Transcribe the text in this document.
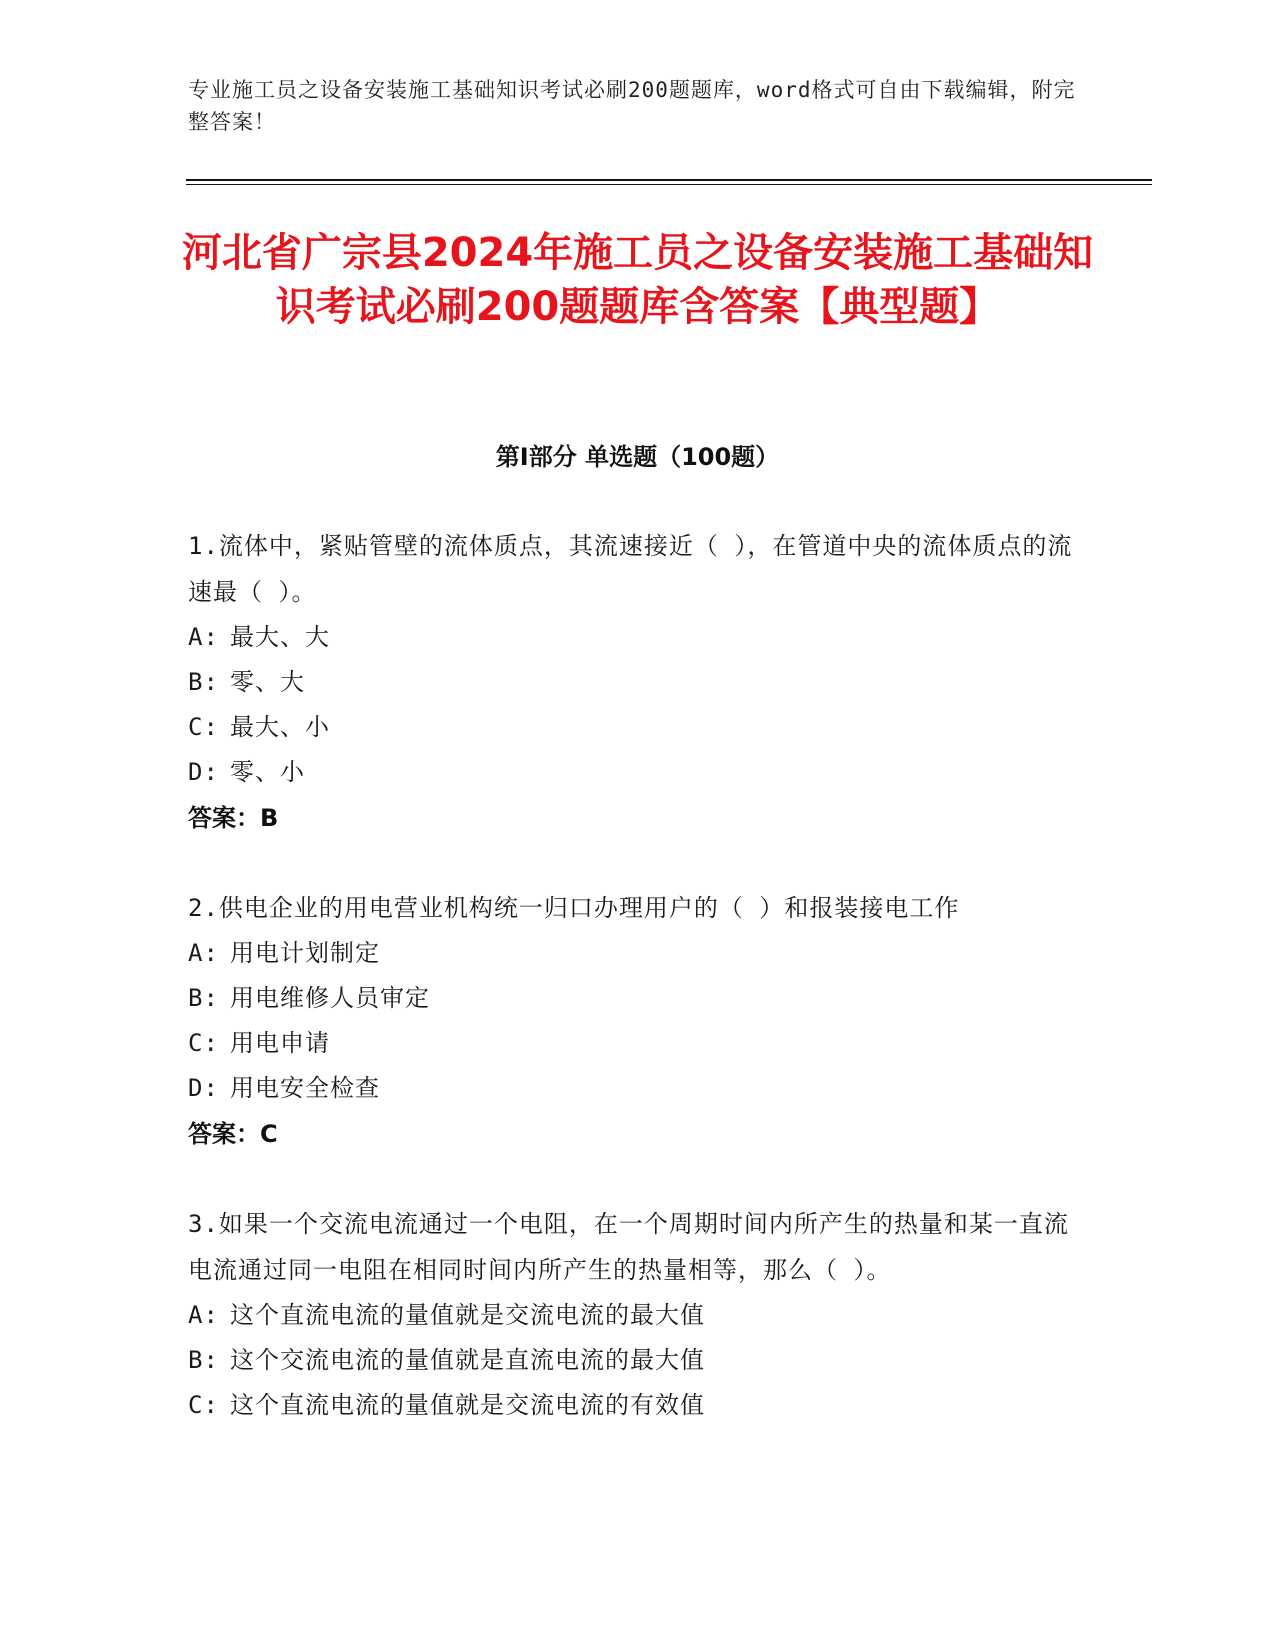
专业施工员之设备安装施工基础知识考试必刷200题题库，word格式可自由下载编辑，附完整答案！
河北省广宗县2024年施工员之设备安装施工基础知识考试必刷200题题库含答案【典型题】
第Ⅰ部分 单选题（100题）
1.流体中，紧贴管壁的流体质点，其流速接近（ ），在管道中央的流体质点的流速最（ ）。
A: 最大、大
B: 零、大
C: 最大、小
D: 零、小
答案：B
2.供电企业的用电营业机构统一归口办理用户的（ ）和报装接电工作
A: 用电计划制定
B: 用电维修人员审定
C: 用电申请
D: 用电安全检查
答案：C
3.如果一个交流电流通过一个电阻，在一个周期时间内所产生的热量和某一直流电流通过同一电阻在相同时间内所产生的热量相等，那么（ ）。
A: 这个直流电流的量值就是交流电流的最大值
B: 这个交流电流的量值就是直流电流的最大值
C: 这个直流电流的量值就是交流电流的有效值
